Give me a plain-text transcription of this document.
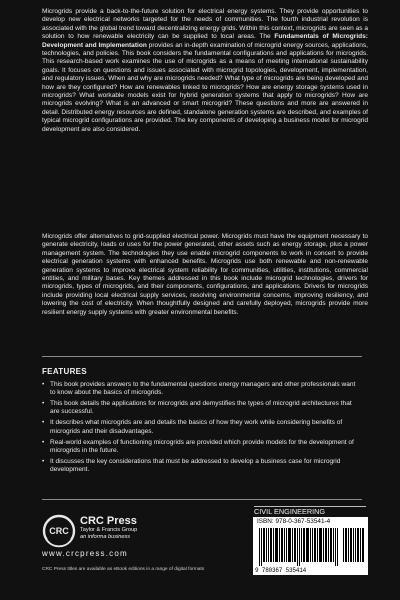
Microgrids provide a back-to-the-future solution for electrical energy systems. They provide opportunities to develop new electrical networks targeted for the needs of communities. The fourth industrial revolution is associated with the global trend toward decentralizing energy grids. Within this context, microgrids are seen as a solution to how renewable electricity can be supplied to local areas. The Fundamentals of Microgrids: Development and Implementation provides an in-depth examination of microgrid energy sources, applications, technologies, and policies. This book considers the fundamental configurations and applications for microgrids. This research-based work examines the use of microgrids as a means of meeting international sustainability goals. It focuses on questions and issues associated with microgrid topologies, development, implementation, and regulatory issues. When and why are microgrids needed? What type of microgrids are being developed and how are they configured? How are renewables linked to microgrids? How are energy storage systems used in microgrids? What workable models exist for hybrid generation systems that apply to microgrids? How are microgrids evolving? What is an advanced or smart microgrid? These questions and more are answered in detail. Distributed energy resources are defined, standalone generation systems are described, and examples of typical microgrid configurations are provided. The key components of developing a business model for microgrid development are also considered.

Microgrids offer alternatives to grid-supplied electrical power. Microgrids must have the equipment necessary to generate electricity, loads or uses for the power generated, other assets such as energy storage, plus a power management system. The technologies they use enable microgrid components to work in concert to provide electrical generation systems with enhanced benefits. Microgrids use both renewable and non-renewable generation systems to improve electrical system reliability for communities, utilities, institutions, commercial entities, and military bases. Key themes addressed in this book include microgrid technologies, drivers for microgrids, types of microgrids, and their components, configurations, and applications. Drivers for microgrids include providing local electrical supply services, resolving environmental concerns, improving resiliency, and lowering the cost of electricity. When thoughtfully designed and carefully deployed, microgrids provide more resilient energy supply systems with greater environmental benefits.

FEATURES
• This book provides answers to the fundamental questions energy managers and other professionals want to know about the basics of microgrids.
• This book details the applications for microgrids and demystifies the types of microgrid architectures that are successful.
• It describes what microgrids are and details the basics of how they work while considering benefits of microgrids and their disadvantages.
• Real-world examples of functioning microgrids are provided which provide models for the development of microgrids in the future.
• It discusses the key considerations that must be addressed to develop a business case for microgrid development.
CRC
CRC Press
Taylor & Francis Group
an informa business
www.crcpress.com
CRC Press titles are available as eBook editions in a range of digital formats
CIVIL ENGINEERING
ISBN: 978-0-367-53541-4
9 780367 535414
